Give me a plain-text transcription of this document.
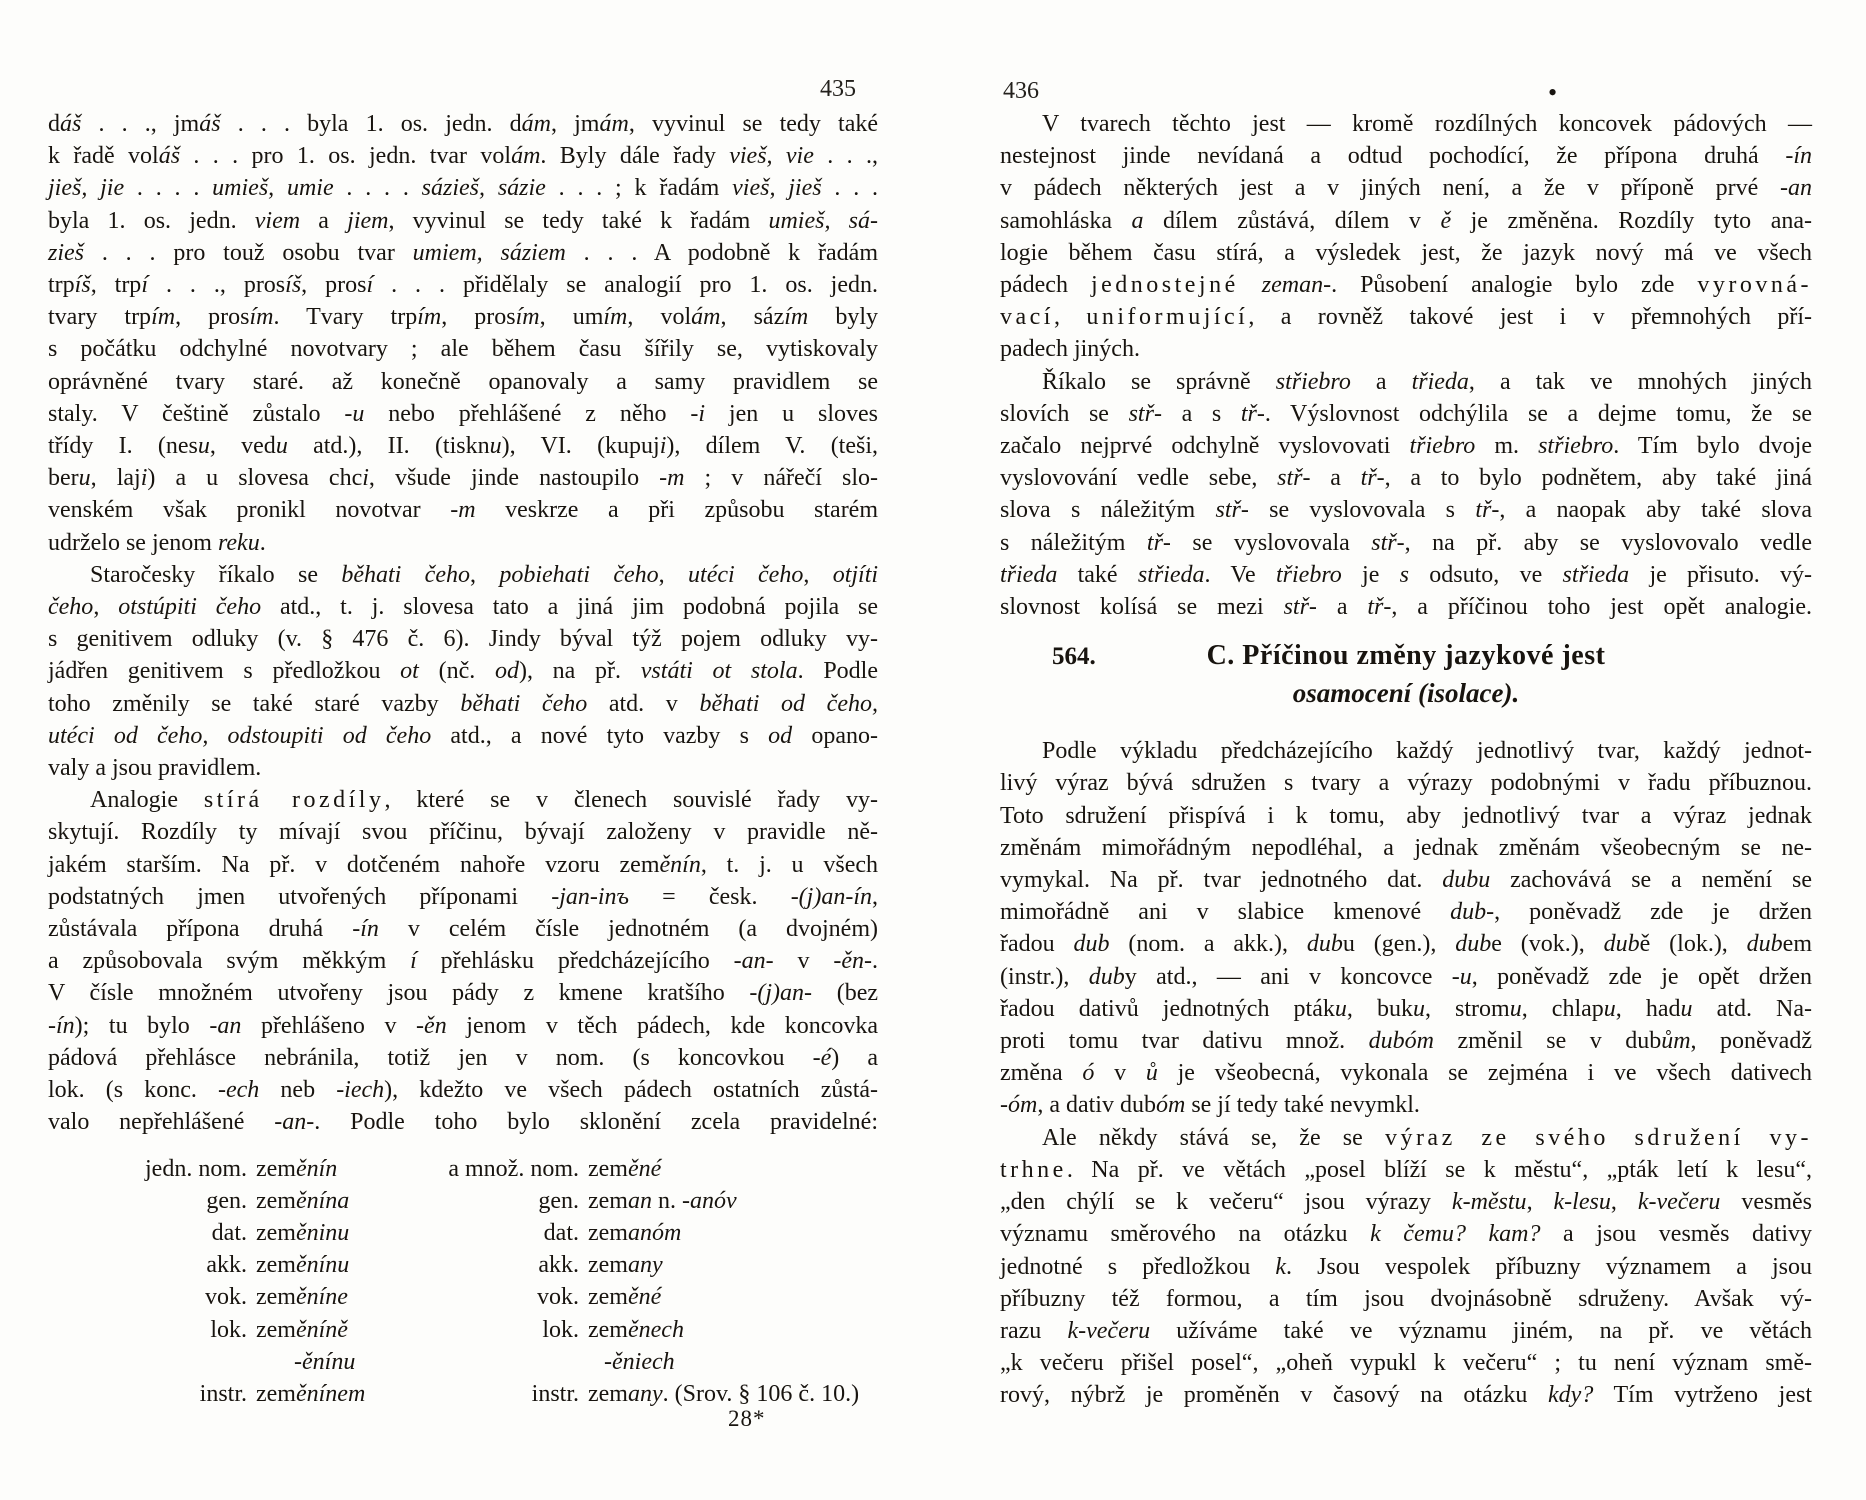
435	436	•
dáš . . ., jmáš . . . byla 1. os. jedn. dám, jmám, vyvinul se tedy také
k řadě voláš . . . pro 1. os. jedn. tvar volám. Byly dále řady vieš, vie . . .,
jieš, jie . . . . umieš, umie . . . . sázieš, sázie . . . ; k řadám vieš, jieš . . .
byla 1. os. jedn. viem a jiem, vyvinul se tedy také k řadám umieš, sá-
zieš . . . pro touž osobu tvar umiem, sáziem . . . A podobně k řadám
trpíš, trpí . . ., prosíš, prosí . . . přidělaly se analogií pro 1. os. jedn.
tvary trpím, prosím. Tvary trpím, prosím, umím, volám, sázím byly
s počátku odchylné novotvary ; ale během času šířily se, vytiskovaly
oprávněné tvary staré. až konečně opanovaly a samy pravidlem se
staly. V češtině zůstalo -u nebo přehlášené z něho -i jen u sloves
třídy I. (nesu, vedu atd.), II. (tisknu), VI. (kupuji), dílem V. (teši,
beru, laji) a u slovesa chci, všude jinde nastoupilo -m ; v nářečí slo-
venském však pronikl novotvar -m veskrze a při způsobu starém
udrželo se jenom reku.
Staročesky říkalo se běhati čeho, pobiehati čeho, utéci čeho, otjíti
čeho, otstúpiti čeho atd., t. j. slovesa tato a jiná jim podobná pojila se
s genitivem odluky (v. § 476 č. 6). Jindy býval týž pojem odluky vy-
jádřen genitivem s předložkou ot (nč. od), na př. vstáti ot stola. Podle
toho změnily se také staré vazby běhati čeho atd. v běhati od čeho,
utéci od čeho, odstoupiti od čeho atd., a nové tyto vazby s od opano-
valy a jsou pravidlem.
Analogie stírá rozdíly, které se v členech souvislé řady vy-
skytují. Rozdíly ty mívají svou příčinu, bývají založeny v pravidle ně-
jakém starším. Na př. v dotčeném nahoře vzoru zeměnín, t. j. u všech
podstatných jmen utvořených příponami -jan-inъ = česk. -(j)an-ín,
zůstávala přípona druhá -ín v celém čísle jednotném (a dvojném)
a způsobovala svým měkkým í přehlásku předcházejícího -an- v -ěn-.
V čísle množném utvořeny jsou pády z kmene kratšího -(j)an- (bez
-ín); tu bylo -an přehlášeno v -ěn jenom v těch pádech, kde koncovka
pádová přehlásce nebránila, totiž jen v nom. (s koncovkou -é) a
lok. (s konc. -ech neb -iech), kdežto ve všech pádech ostatních zůstá-
valo nepřehlášené -an-. Podle toho bylo sklonění zcela pravidelné:
jedn. nom. zeměnín	a množ. nom. zeměné
gen. zeměnína	gen. zeman n. -anóv
dat. zeměninu	dat. zemanóm
akk. zeměnínu	akk. zemany
vok. zeměníne	vok. zeměné
lok. zeměníně	lok. zeměnech
-ěnínu	-ěniech
instr. zeměnínem	instr. zemany. (Srov. § 106 č. 10.)
28*
V tvarech těchto jest — kromě rozdílných koncovek pádových —
nestejnost jinde nevídaná a odtud pochodící, že přípona druhá -ín
v pádech některých jest a v jiných není, a že v příponě prvé -an
samohláska a dílem zůstává, dílem v ě je změněna. Rozdíly tyto ana-
logie během času stírá, a výsledek jest, že jazyk nový má ve všech
pádech jednostejné zeman-. Působení analogie bylo zde vyrovná-
vací, uniformující, a rovněž takové jest i v přemnohých pří-
padech jiných.
Říkalo se správně střiebro a třieda, a tak ve mnohých jiných
slovích se stř- a s tř-. Výslovnost odchýlila se a dejme tomu, že se
začalo nejprvé odchylně vyslovovati třiebro m. střiebro. Tím bylo dvoje
vyslovování vedle sebe, stř- a tř-, a to bylo podnětem, aby také jiná
slova s náležitým stř- se vyslovovala s tř-, a naopak aby také slova
s náležitým tř- se vyslovovala stř-, na př. aby se vyslovovalo vedle
třieda také střieda. Ve třiebro je s odsuto, ve střieda je přisuto. vý-
slovnost kolísá se mezi stř- a tř-, a příčinou toho jest opět analogie.
564.	C. Příčinou změny jazykové jest
osamocení (isolace).
Podle výkladu předcházejícího každý jednotlivý tvar, každý jednot-
livý výraz bývá sdružen s tvary a výrazy podobnými v řadu příbuznou.
Toto sdružení přispívá i k tomu, aby jednotlivý tvar a výraz jednak
změnám mimořádným nepodléhal, a jednak změnám všeobecným se ne-
vymykal. Na př. tvar jednotného dat. dubu zachovává se a nemění se
mimořádně ani v slabice kmenové dub-, poněvadž zde je držen
řadou dub (nom. a akk.), dubu (gen.), dube (vok.), dubě (lok.), dubem
(instr.), duby atd., — ani v koncovce -u, poněvadž zde je opět držen
řadou dativů jednotných ptáku, buku, stromu, chlapu, hadu atd. Na-
proti tomu tvar dativu množ. dubóm změnil se v dubům, poněvadž
změna ó v ů je všeobecná, vykonala se zejména i ve všech dativech
-óm, a dativ dubóm se jí tedy také nevymkl.
Ale někdy stává se, že se výraz ze svého sdružení vy-
trhne. Na př. ve větách „posel blíží se k městu“, „pták letí k lesu“,
„den chýlí se k večeru“ jsou výrazy k-městu, k-lesu, k-večeru vesměs
významu směrového na otázku k čemu? kam? a jsou vesměs dativy
jednotné s předložkou k. Jsou vespolek příbuzny významem a jsou
příbuzny též formou, a tím jsou dvojnásobně sdruženy. Avšak vý-
razu k-večeru užíváme také ve významu jiném, na př. ve větách
„k večeru přišel posel“, „oheň vypukl k večeru“ ; tu není význam smě-
rový, nýbrž je proměněn v časový na otázku kdy? Tím vytrženo jest
